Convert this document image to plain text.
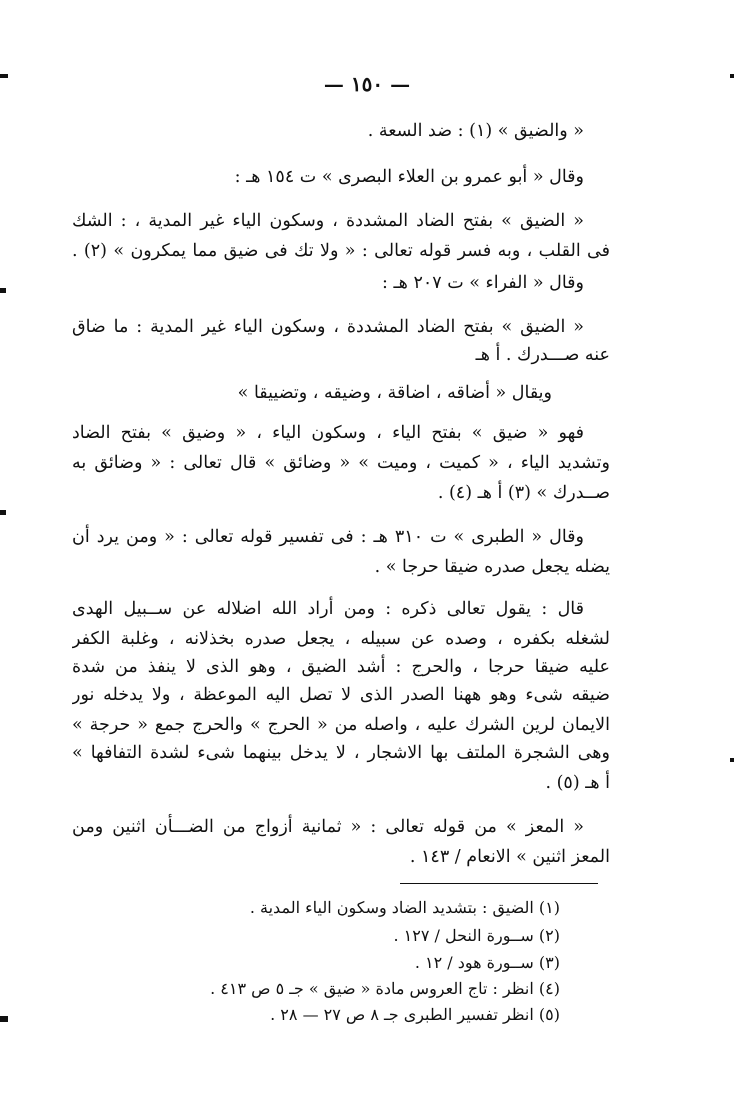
— ١٥٠ —
« والضيق » (١) : ضد السعة .
وقال « أبو عمرو بن العلاء البصرى » ت ١٥٤ هـ :
« الضيق » بفتح الضاد المشددة ، وسكون الياء غير المدية ، : الشك
فى القلب ، وبه فسر قوله تعالى : « ولا تك فى ضيق مما يمكرون » (٢) .
وقال « الفراء » ت ٢٠٧ هـ :
« الضيق » بفتح الضاد المشددة ، وسكون الياء غير المدية : ما ضاق
عنه صـــدرك . أ هـ
ويقال « أضاقه ، اضاقة ، وضيقه ، وتضييقا »
فهو « ضيق » بفتح الياء ، وسكون الياء ، « وضيق » بفتح الضاد
وتشديد الياء ، « كميت ، وميت » « وضائق » قال تعالى : « وضائق به
صــدرك » (٣) أ هـ (٤) .
وقال « الطبرى » ت ٣١٠ هـ : فى تفسير قوله تعالى : « ومن يرد أن
يضله يجعل صدره ضيقا حرجا » .
قال : يقول تعالى ذكره : ومن أراد الله اضلاله عن ســبيل الهدى
لشغله بكفره ، وصده عن سبيله ، يجعل صدره بخذلانه ، وغلبة الكفر
عليه ضيقا حرجا ، والحرج : أشد الضيق ، وهو الذى لا ينفذ من شدة
ضيقه شىء وهو ههنا الصدر الذى لا تصل اليه الموعظة ، ولا يدخله نور
الايمان لرين الشرك عليه ، واصله من « الحرج » والحرج جمع « حرجة »
وهى الشجرة الملتف بها الاشجار ، لا يدخل بينهما شىء لشدة التفافها »
أ هـ (٥) .
« المعز » من قوله تعالى : « ثمانية أزواج من الضـــأن اثنين ومن
المعز اثنين » الانعام / ١٤٣ .
(١) الضيق : بتشديد الضاد وسكون الياء المدية .
(٢) ســورة النحل / ١٢٧ .
(٣) ســورة هود / ١٢ .
(٤) انظر : تاج العروس مادة « ضيق » جـ ٥ ص ٤١٣ .
(٥) انظر تفسير الطبرى جـ ٨ ص ٢٧ — ٢٨ .
